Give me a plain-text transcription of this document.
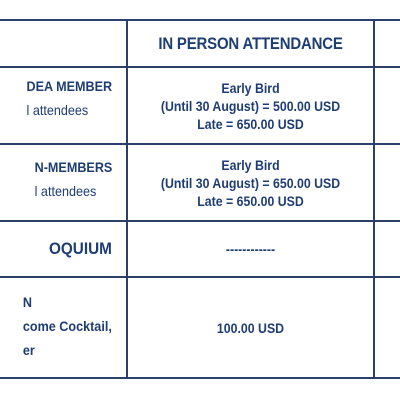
	IN PERSON ATTENDANCE	

DEA MEMBER
l attendees	Early Bird
(Until 30 August) = 500.00 USD
Late = 650.00 USD	

N-MEMBERS
l attendees	Early Bird
(Until 30 August) = 650.00 USD
Late = 650.00 USD	

OQUIUM	------------	

N
come Cocktail,
er	100.00 USD	
